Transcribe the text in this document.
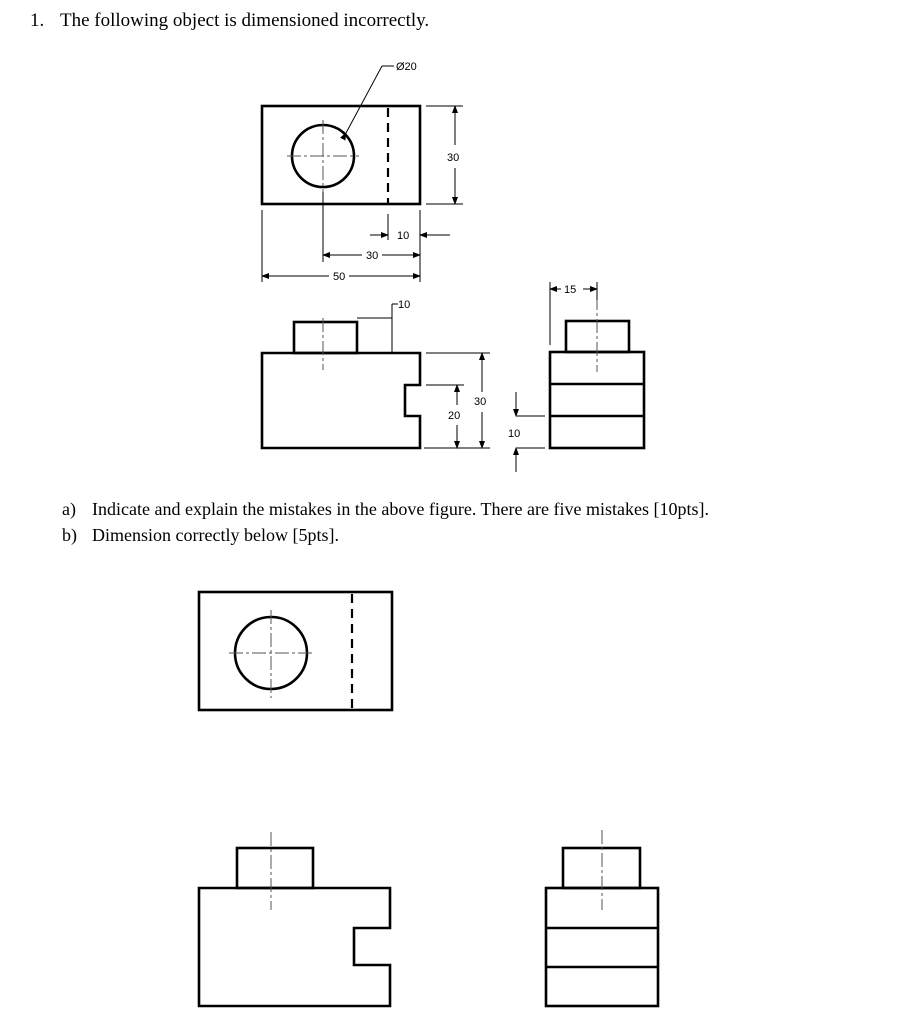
1. The following object is dimensioned incorrectly.
Ø20
30
10
30
50
10
30
20
15
10
a) Indicate and explain the mistakes in the above figure. There are five mistakes [10pts].
b) Dimension correctly below [5pts].
